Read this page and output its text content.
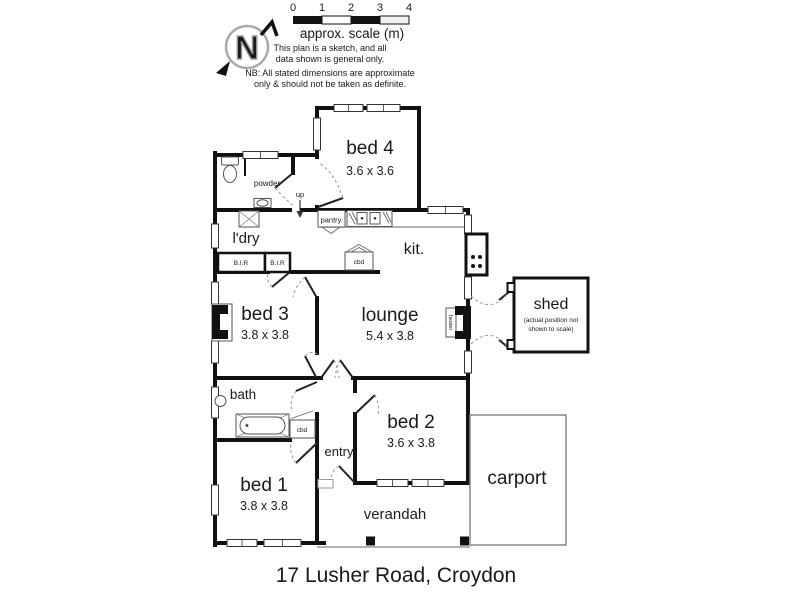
0 1 2 3 4
approx. scale (m)
This plan is a sketch, and all
data shown is general only.
NB: All stated dimensions are approximate
only & should not be taken as definite.
N
heater
bed 4
3.6 x 3.6
kit.
lounge
5.4 x 3.8
bed 3
3.8 x 3.8
bed 2
3.6 x 3.8
bed 1
3.8 x 3.8
bath
powder
l'dry
pantry
entry
verandah
carport
shed
(actual position not
shown to scale)
up
cbd
cbd
B.I.R	B.I.R
17 Lusher Road, Croydon
